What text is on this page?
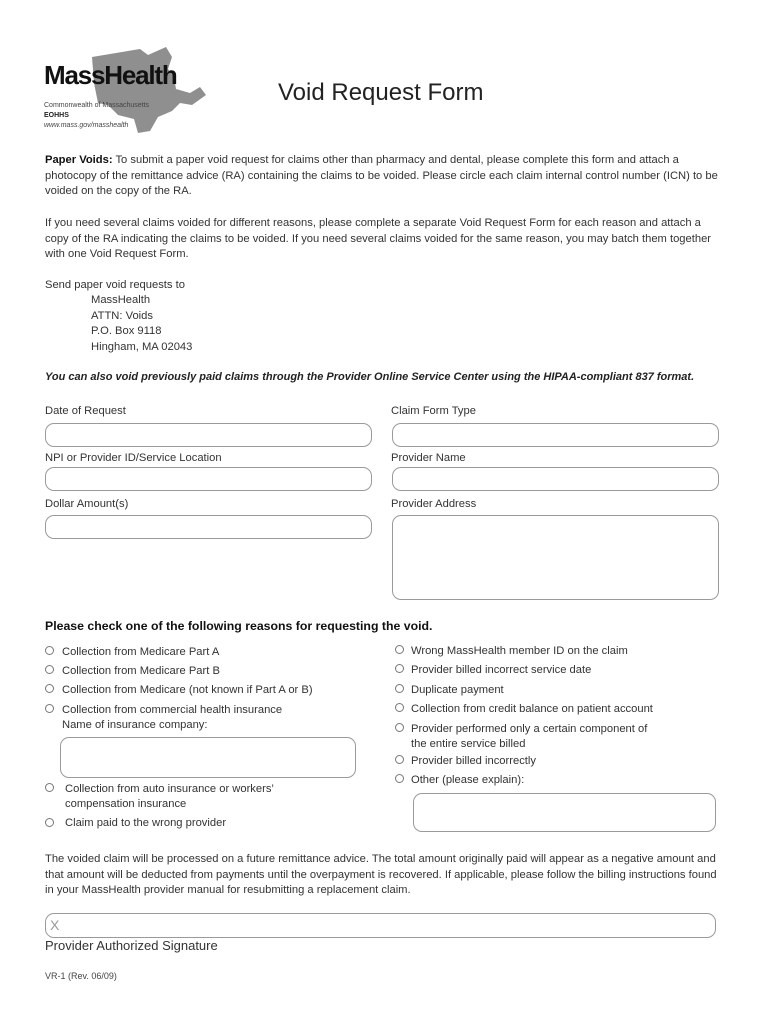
MassHealth
Commonwealth of Massachusetts
EOHHS
www.mass.gov/masshealth
Void Request Form
Paper Voids: To submit a paper void request for claims other than pharmacy and dental, please complete this form and attach a photocopy of the remittance advice (RA) containing the claims to be voided. Please circle each claim internal control number (ICN) to be voided on the copy of the RA.
If you need several claims voided for different reasons, please complete a separate Void Request Form for each reason and attach a copy of the RA indicating the claims to be voided. If you need several claims voided for the same reason, you may batch them together with one Void Request Form.
Send paper void requests to
MassHealth
ATTN: Voids
P.O. Box 9118
Hingham, MA 02043
You can also void previously paid claims through the Provider Online Service Center using the HIPAA-compliant 837 format.
Date of Request	Claim Form Type
NPI or Provider ID/Service Location	Provider Name
Dollar Amount(s)	Provider Address
Please check one of the following reasons for requesting the void.
Collection from Medicare Part A
Collection from Medicare Part B
Collection from Medicare (not known if Part A or B)
Collection from commercial health insurance
Name of insurance company:
Collection from auto insurance or workers’
compensation insurance
Claim paid to the wrong provider
Wrong MassHealth member ID on the claim
Provider billed incorrect service date
Duplicate payment
Collection from credit balance on patient account
Provider performed only a certain component of
the entire service billed
Provider billed incorrectly
Other (please explain):
The voided claim will be processed on a future remittance advice. The total amount originally paid will appear as a negative amount and that amount will be deducted from payments until the overpayment is recovered. If applicable, please follow the billing instructions found in your MassHealth provider manual for resubmitting a replacement claim.
X
Provider Authorized Signature
VR-1 (Rev. 06/09)
